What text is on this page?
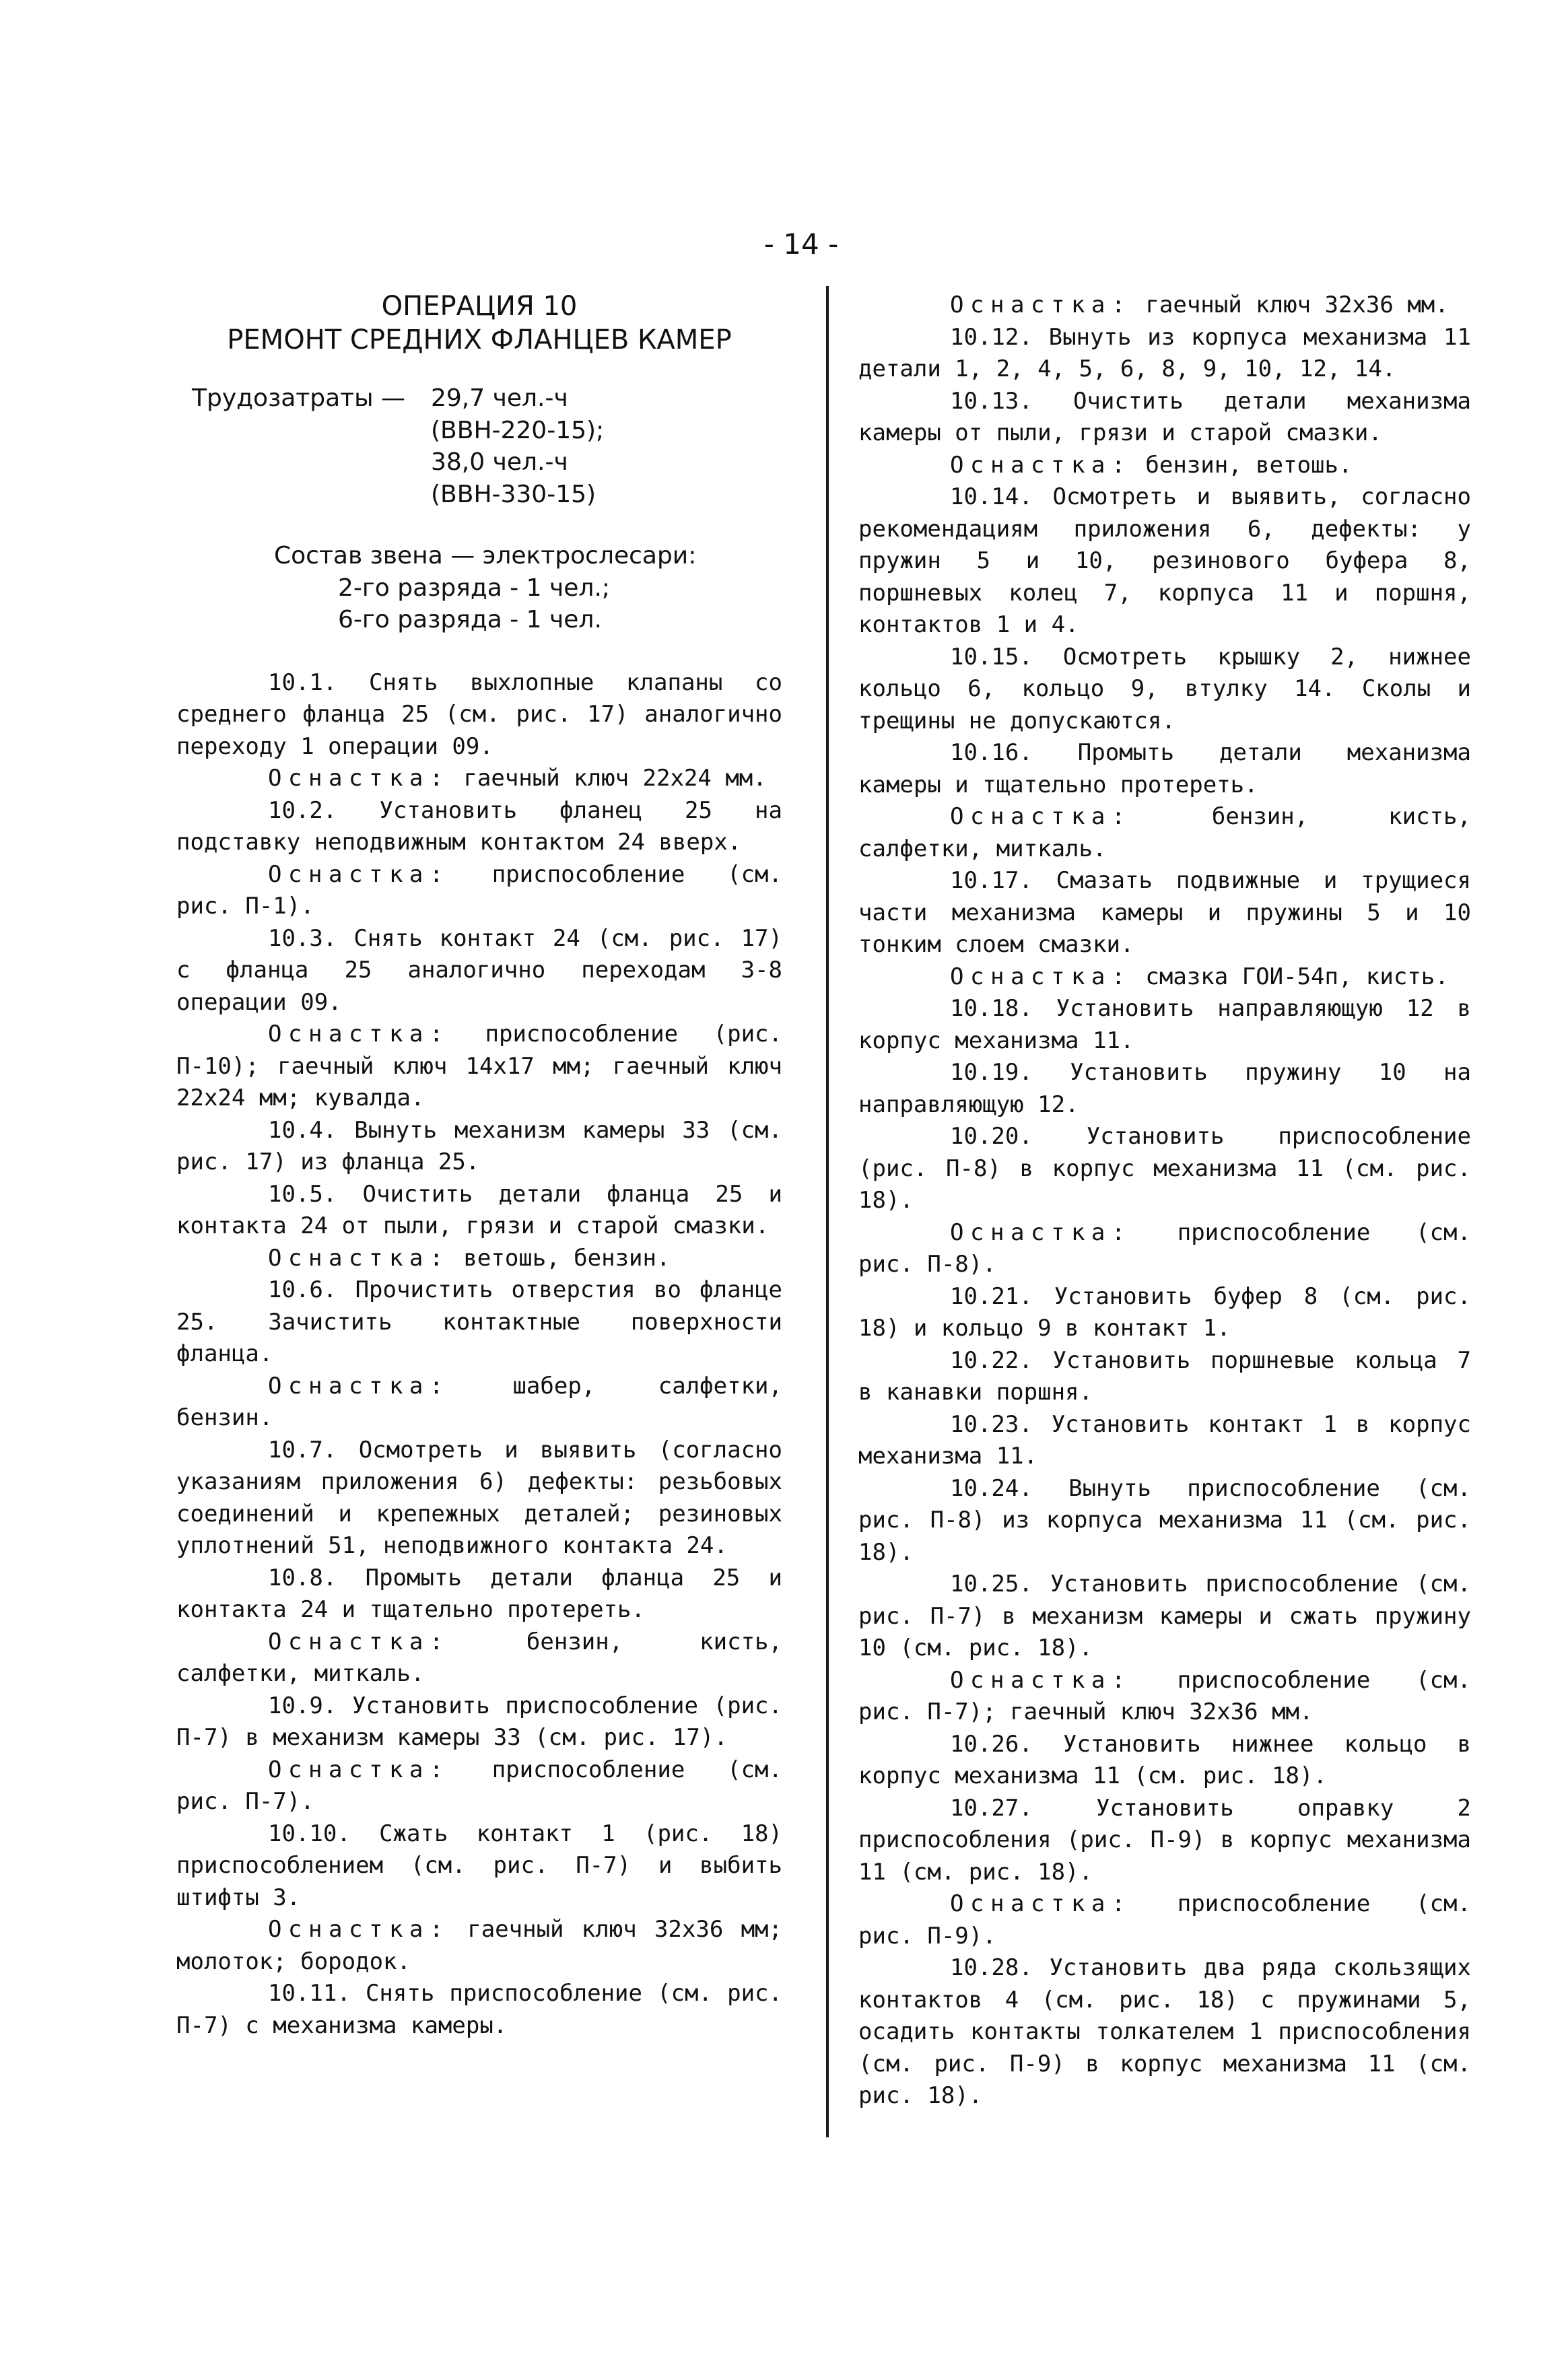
- 14 -
ОПЕРАЦИЯ 10
РЕМОНТ СРЕДНИХ ФЛАНЦЕВ КАМЕР
Трудозатраты —	29,7 чел.-ч
(ВВН-220-15);
38,0 чел.-ч
(ВВН-330-15)
Состав звена — электрослесари:
2-го разряда - 1 чел.;
6-го разряда - 1 чел.

10.1. Снять выхлопные клапаны со среднего фланца 25 (см. рис. 17) аналогично переходу 1 операции 09.

Оснастка: гаечный ключ 22x24 мм.

10.2. Установить фланец 25 на подставку неподвижным контактом 24 вверх.

Оснастка: приспособление (см. рис. П-1).

10.3. Снять контакт 24 (см. рис. 17) с фланца 25 аналогично переходам 3-8 операции 09.

Оснастка: приспособление (рис. П-10); гаечный ключ 14x17 мм; гаечный ключ 22x24 мм; кувалда.

10.4. Вынуть механизм камеры 33 (см. рис. 17) из фланца 25.

10.5. Очистить детали фланца 25 и контакта 24 от пыли, грязи и старой смазки.

Оснастка: ветошь, бензин.

10.6. Прочистить отверстия во фланце 25. Зачистить контактные поверхности фланца.

Оснастка:	шабер, салфетки, бензин.

10.7. Осмотреть и выявить (согласно указаниям приложения 6) дефекты: резьбовых соединений и крепежных деталей; резиновых уплотнений 51, неподвижного контакта 24.

10.8. Промыть детали фланца 25 и контакта 24 и тщательно протереть.

Оснастка:	бензин, кисть, салфетки, миткаль.

10.9. Установить приспособление (рис. П-7) в механизм камеры 33 (см. рис. 17).

Оснастка: приспособление (см. рис. П-7).

10.10. Сжать контакт 1 (рис. 18) приспособлением (см. рис. П-7) и выбить штифты 3.

Оснастка: гаечный ключ 32x36 мм; молоток; бородок.

10.11. Снять приспособление (см. рис. П-7) с механизма камеры.

Оснастка: гаечный ключ 32x36 мм.

10.12. Вынуть из корпуса механизма 11 детали 1, 2, 4, 5, 6, 8, 9, 10, 12, 14.

10.13. Очистить детали механизма камеры от пыли, грязи и старой смазки.

Оснастка: бензин, ветошь.

10.14. Осмотреть и выявить, согласно рекомендациям приложения 6, дефекты: у пружин 5 и 10, резинового буфера 8, поршневых колец 7, корпуса 11 и поршня, контактов 1 и 4.

10.15. Осмотреть крышку 2, нижнее кольцо 6, кольцо 9, втулку 14. Сколы и трещины не допускаются.

10.16. Промыть детали механизма камеры и тщательно протереть.

Оснастка:	бензин, кисть, салфетки, миткаль.

10.17. Смазать подвижные и трущиеся части механизма камеры и пружины 5 и 10 тонким слоем смазки.

Оснастка: смазка ГОИ-54п, кисть.

10.18. Установить направляющую 12 в корпус механизма 11.

10.19. Установить пружину 10 на направляющую 12.

10.20. Установить приспособление (рис. П-8) в корпус механизма 11 (см. рис. 18).

Оснастка: приспособление (см. рис. П-8).

10.21. Установить буфер 8 (см. рис. 18) и кольцо 9 в контакт 1.

10.22. Установить поршневые кольца 7 в канавки поршня.

10.23. Установить контакт 1 в корпус механизма 11.

10.24. Вынуть приспособление (см. рис. П-8) из корпуса механизма 11 (см. рис. 18).

10.25. Установить приспособление (см. рис. П-7) в механизм камеры и сжать пружину 10 (см. рис. 18).

Оснастка: приспособление (см. рис. П-7); гаечный ключ 32x36 мм.

10.26. Установить нижнее кольцо в корпус механизма 11 (см. рис. 18).

10.27. Установить оправку 2 приспособления (рис. П-9) в корпус механизма 11 (см. рис. 18).

Оснастка: приспособление (см. рис. П-9).

10.28. Установить два ряда скользящих контактов 4 (см. рис. 18) с пружинами 5, осадить контакты толкателем 1 приспособления (см. рис. П-9) в корпус механизма 11 (см. рис. 18).
